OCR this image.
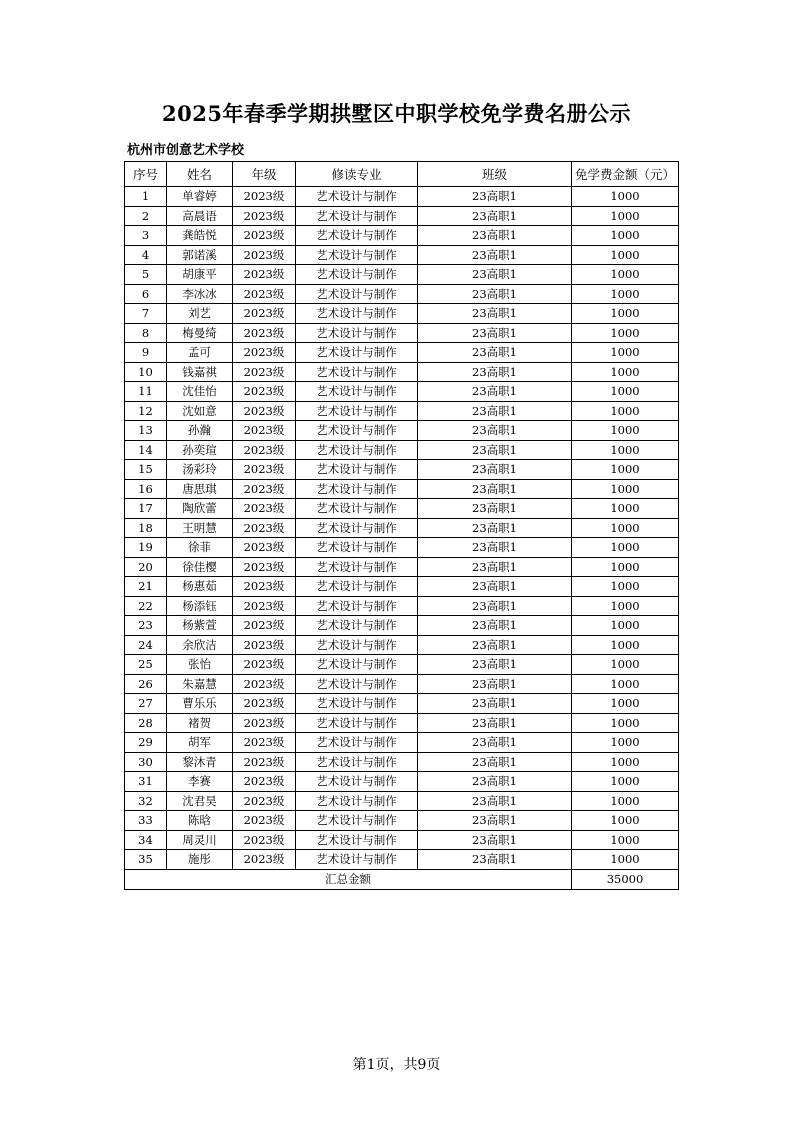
2025年春季学期拱墅区中职学校免学费名册公示
杭州市创意艺术学校
序号	姓名	年级	修读专业	班级	免学费金额（元）
1	单睿婷	2023级	艺术设计与制作	23高职1	1000
2	高晨语	2023级	艺术设计与制作	23高职1	1000
3	龚皓悦	2023级	艺术设计与制作	23高职1	1000
4	郭诺溪	2023级	艺术设计与制作	23高职1	1000
5	胡康平	2023级	艺术设计与制作	23高职1	1000
6	李冰冰	2023级	艺术设计与制作	23高职1	1000
7	刘艺	2023级	艺术设计与制作	23高职1	1000
8	梅曼绮	2023级	艺术设计与制作	23高职1	1000
9	孟可	2023级	艺术设计与制作	23高职1	1000
10	钱嘉祺	2023级	艺术设计与制作	23高职1	1000
11	沈佳怡	2023级	艺术设计与制作	23高职1	1000
12	沈如意	2023级	艺术设计与制作	23高职1	1000
13	孙瀚	2023级	艺术设计与制作	23高职1	1000
14	孙奕瑄	2023级	艺术设计与制作	23高职1	1000
15	汤彩玲	2023级	艺术设计与制作	23高职1	1000
16	唐思琪	2023级	艺术设计与制作	23高职1	1000
17	陶欣蕾	2023级	艺术设计与制作	23高职1	1000
18	王明慧	2023级	艺术设计与制作	23高职1	1000
19	徐菲	2023级	艺术设计与制作	23高职1	1000
20	徐佳樱	2023级	艺术设计与制作	23高职1	1000
21	杨惠茹	2023级	艺术设计与制作	23高职1	1000
22	杨添钰	2023级	艺术设计与制作	23高职1	1000
23	杨紫萱	2023级	艺术设计与制作	23高职1	1000
24	余欣洁	2023级	艺术设计与制作	23高职1	1000
25	张怡	2023级	艺术设计与制作	23高职1	1000
26	朱嘉慧	2023级	艺术设计与制作	23高职1	1000
27	曹乐乐	2023级	艺术设计与制作	23高职1	1000
28	褚贺	2023级	艺术设计与制作	23高职1	1000
29	胡军	2023级	艺术设计与制作	23高职1	1000
30	黎沐青	2023级	艺术设计与制作	23高职1	1000
31	李赛	2023级	艺术设计与制作	23高职1	1000
32	沈君昊	2023级	艺术设计与制作	23高职1	1000
33	陈晗	2023级	艺术设计与制作	23高职1	1000
34	周灵川	2023级	艺术设计与制作	23高职1	1000
35	施彤	2023级	艺术设计与制作	23高职1	1000
汇总金额					35000
第1页，共9页
